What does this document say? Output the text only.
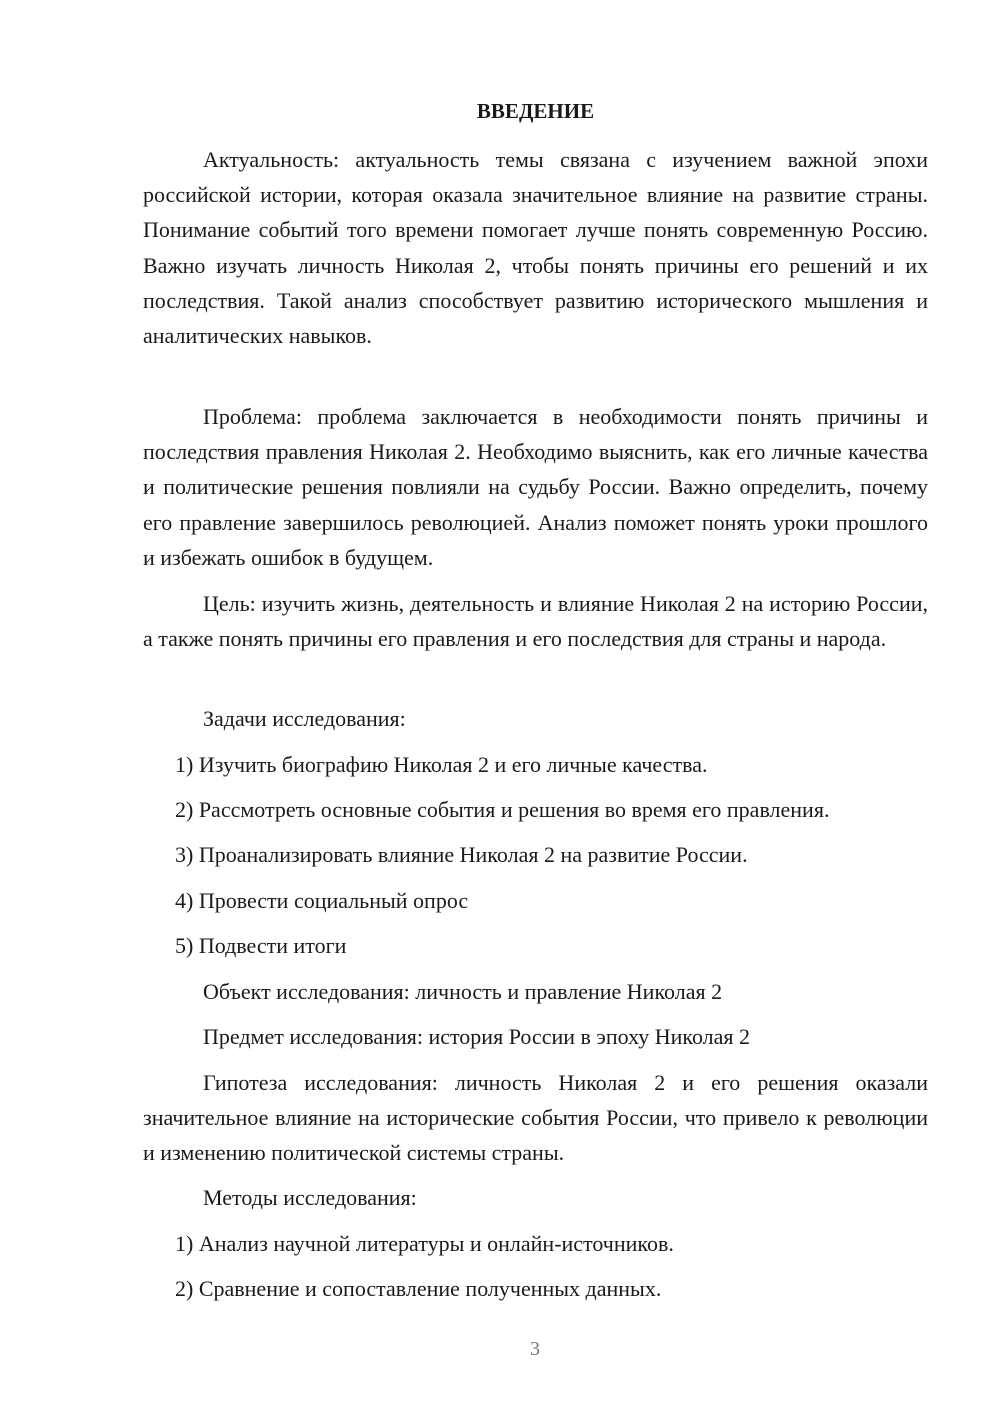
ВВЕДЕНИЕ

Актуальность: актуальность темы связана с изучением важной эпохи российской истории, которая оказала значительное влияние на развитие страны. Понимание событий того времени помогает лучше понять современную Россию. Важно изучать личность Николая 2, чтобы понять причины его решений и их последствия. Такой анализ способствует развитию исторического мышления и аналитических навыков.

Проблема: проблема заключается в необходимости понять причины и последствия правления Николая 2. Необходимо выяснить, как его личные качества и политические решения повлияли на судьбу России. Важно определить, почему его правление завершилось революцией. Анализ поможет понять уроки прошлого и избежать ошибок в будущем.

Цель: изучить жизнь, деятельность и влияние Николая 2 на историю России, а также понять причины его правления и его последствия для страны и народа.

Задачи исследования:
1) Изучить биографию Николая 2 и его личные качества.
2) Рассмотреть основные события и решения во время его правления.
3) Проанализировать влияние Николая 2 на развитие России.
4) Провести социальный опрос
5) Подвести итоги
Объект исследования: личность и правление Николая 2
Предмет исследования: история России в эпоху Николая 2

Гипотеза исследования: личность Николая 2 и его решения оказали значительное влияние на исторические события России, что привело к революции и изменению политической системы страны.

Методы исследования:
1) Анализ научной литературы и онлайн-источников.
2) Сравнение и сопоставление полученных данных.
3
